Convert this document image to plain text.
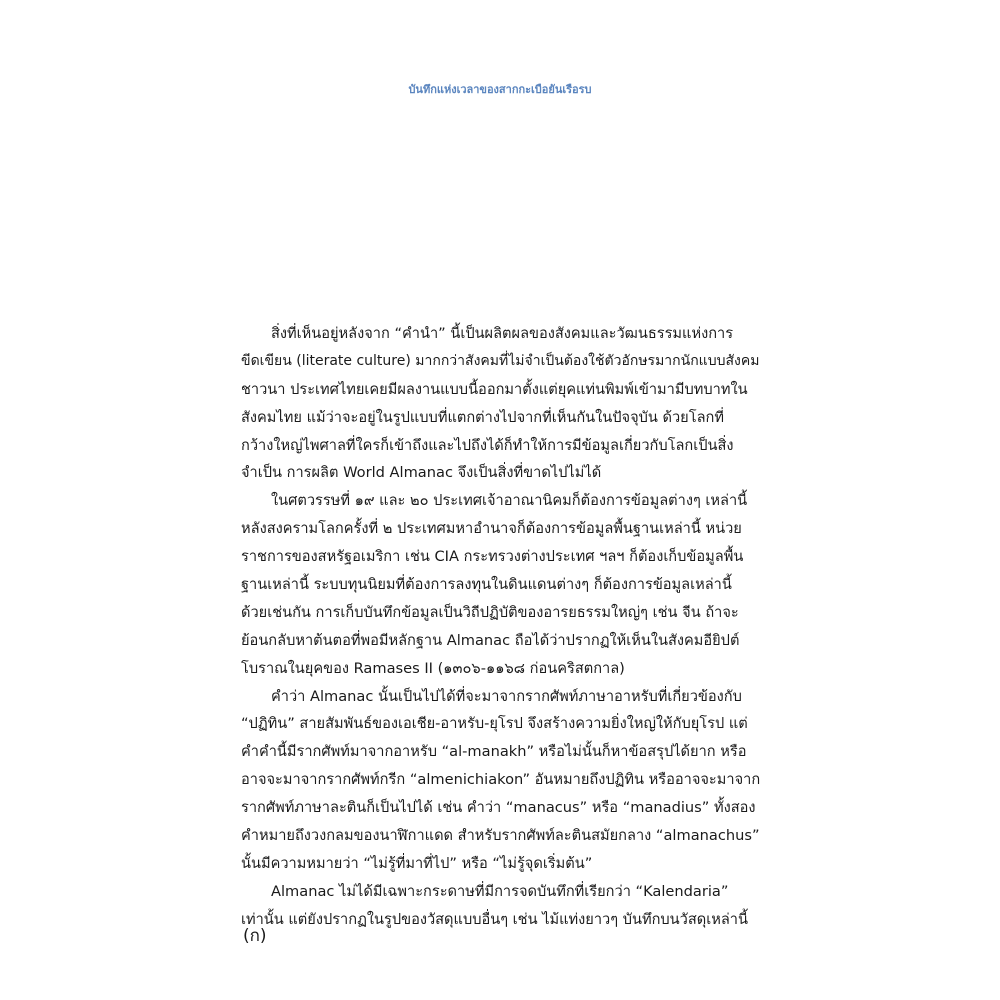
บันทึกแห่งเวลาของสากกะเบือยันเรือรบ
สิ่งที่เห็นอยู่หลังจาก “คำนำ” นี้เป็นผลิตผลของสังคมและวัฒนธรรมแห่งการ
ขีดเขียน (literate culture) มากกว่าสังคมที่ไม่จำเป็นต้องใช้ตัวอักษรมากนักแบบสังคม
ชาวนา ประเทศไทยเคยมีผลงานแบบนี้ออกมาตั้งแต่ยุคแท่นพิมพ์เข้ามามีบทบาทใน
สังคมไทย แม้ว่าจะอยู่ในรูปแบบที่แตกต่างไปจากที่เห็นกันในปัจจุบัน ด้วยโลกที่
กว้างใหญ่ไพศาลที่ใครก็เข้าถึงและไปถึงได้ก็ทำให้การมีข้อมูลเกี่ยวกับโลกเป็นสิ่ง
จำเป็น การผลิต World Almanac จึงเป็นสิ่งที่ขาดไปไม่ได้
ในศตวรรษที่ ๑๙ และ ๒๐ ประเทศเจ้าอาณานิคมก็ต้องการข้อมูลต่างๆ เหล่านี้
หลังสงครามโลกครั้งที่ ๒ ประเทศมหาอำนาจก็ต้องการข้อมูลพื้นฐานเหล่านี้ หน่วย
ราชการของสหรัฐอเมริกา เช่น CIA กระทรวงต่างประเทศ ฯลฯ ก็ต้องเก็บข้อมูลพื้น
ฐานเหล่านี้ ระบบทุนนิยมที่ต้องการลงทุนในดินแดนต่างๆ ก็ต้องการข้อมูลเหล่านี้
ด้วยเช่นกัน การเก็บบันทึกข้อมูลเป็นวิถีปฏิบัติของอารยธรรมใหญ่ๆ เช่น จีน ถ้าจะ
ย้อนกลับหาต้นตอที่พอมีหลักฐาน Almanac ถือได้ว่าปรากฏให้เห็นในสังคมอียิปต์
โบราณในยุคของ Ramases II (๑๓๐๖-๑๑๖๘ ก่อนคริสตกาล)
คำว่า Almanac นั้นเป็นไปได้ที่จะมาจากรากศัพท์ภาษาอาหรับที่เกี่ยวข้องกับ
“ปฏิทิน” สายสัมพันธ์ของเอเชีย-อาหรับ-ยุโรป จึงสร้างความยิ่งใหญ่ให้กับยุโรป แต่
คำคำนี้มีรากศัพท์มาจากอาหรับ “al-manakh” หรือไม่นั้นก็หาข้อสรุปได้ยาก หรือ
อาจจะมาจากรากศัพท์กรีก “almenichiakon” อันหมายถึงปฏิทิน หรืออาจจะมาจาก
รากศัพท์ภาษาละตินก็เป็นไปได้ เช่น คำว่า “manacus” หรือ “manadius” ทั้งสอง
คำหมายถึงวงกลมของนาฬิกาแดด สำหรับรากศัพท์ละตินสมัยกลาง “almanachus”
นั้นมีความหมายว่า “ไม่รู้ที่มาที่ไป” หรือ “ไม่รู้จุดเริ่มต้น”
Almanac ไม่ได้มีเฉพาะกระดาษที่มีการจดบันทึกที่เรียกว่า “Kalendaria”
เท่านั้น แต่ยังปรากฏในรูปของวัสดุแบบอื่นๆ เช่น ไม้แท่งยาวๆ บันทึกบนวัสดุเหล่านี้
(ก)
